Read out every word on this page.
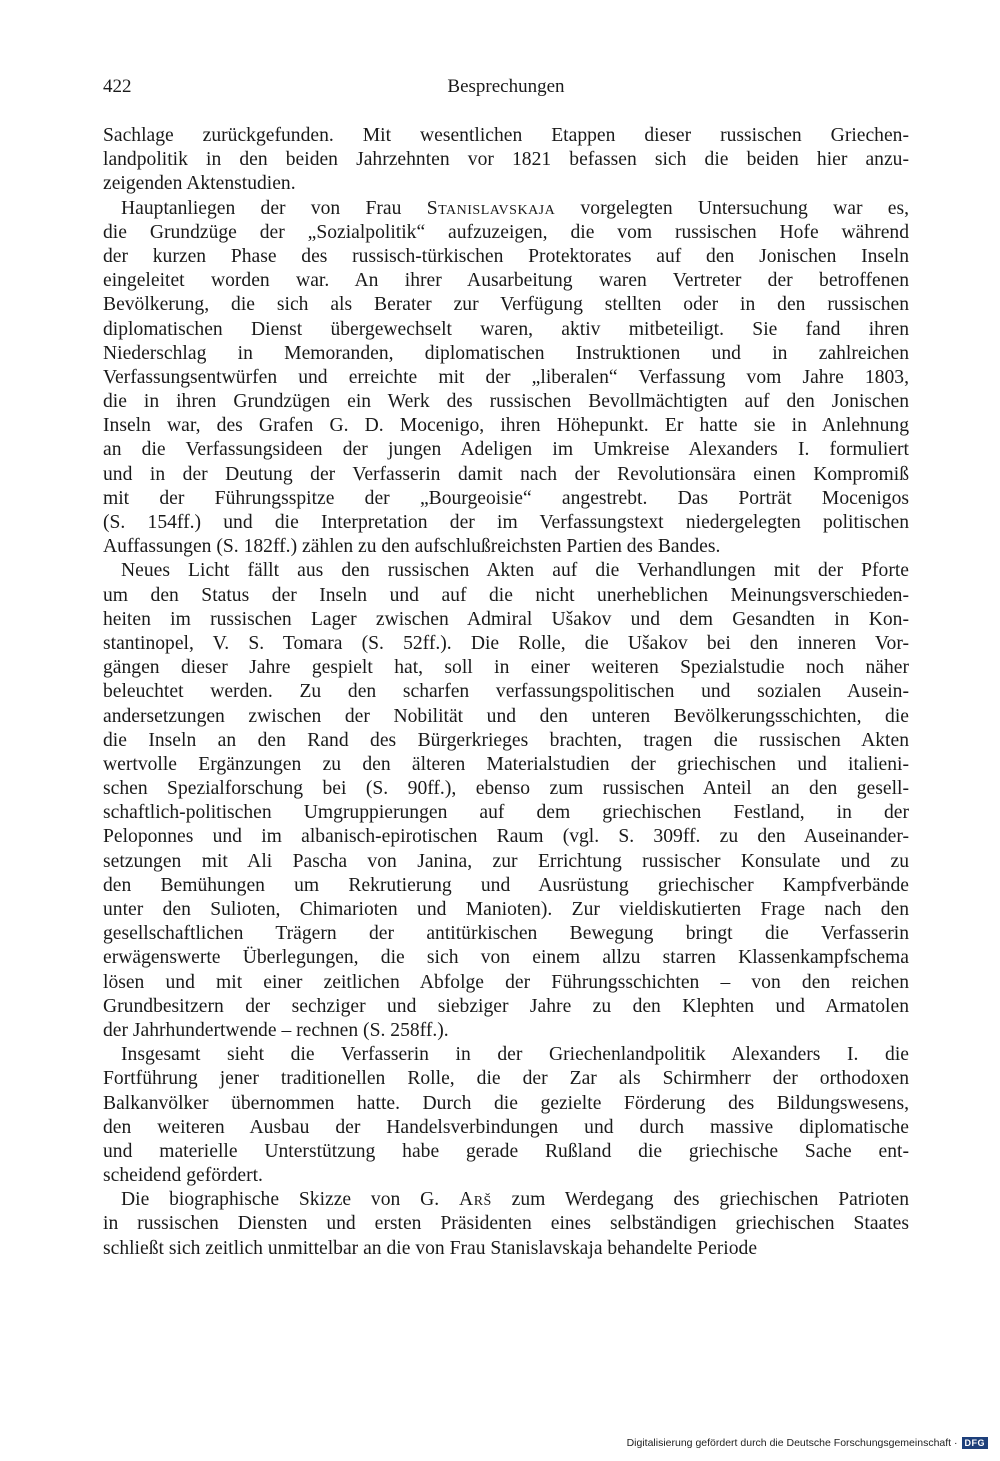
422	Besprechungen
Sachlage zurückgefunden. Mit wesentlichen Etappen dieser russischen Griechen-
landpolitik in den beiden Jahrzehnten vor 1821 befassen sich die beiden hier anzu-
zeigenden Aktenstudien.
Hauptanliegen der von Frau Stanislavskaja vorgelegten Untersuchung war es,
die Grundzüge der „Sozialpolitik“ aufzuzeigen, die vom russischen Hofe während
der kurzen Phase des russisch-türkischen Protektorates auf den Jonischen Inseln
eingeleitet worden war. An ihrer Ausarbeitung waren Vertreter der betroffenen
Bevölkerung, die sich als Berater zur Verfügung stellten oder in den russischen
diplomatischen Dienst übergewechselt waren, aktiv mitbeteiligt. Sie fand ihren
Niederschlag in Memoranden, diplomatischen Instruktionen und in zahlreichen
Verfassungsentwürfen und erreichte mit der „liberalen“ Verfassung vom Jahre 1803,
die in ihren Grundzügen ein Werk des russischen Bevollmächtigten auf den Jonischen
Inseln war, des Grafen G. D. Mocenigo, ihren Höhepunkt. Er hatte sie in Anlehnung
an die Verfassungsideen der jungen Adeligen im Umkreise Alexanders I. formuliert
und in der Deutung der Verfasserin damit nach der Revolutionsära einen Kompromiß
mit der Führungsspitze der „Bourgeoisie“ angestrebt. Das Porträt Mocenigos
(S. 154ff.) und die Interpretation der im Verfassungstext niedergelegten politischen
Auffassungen (S. 182ff.) zählen zu den aufschlußreichsten Partien des Bandes.
Neues Licht fällt aus den russischen Akten auf die Verhandlungen mit der Pforte
um den Status der Inseln und auf die nicht unerheblichen Meinungsverschieden-
heiten im russischen Lager zwischen Admiral Ušakov und dem Gesandten in Kon-
stantinopel, V. S. Tomara (S. 52ff.). Die Rolle, die Ušakov bei den inneren Vor-
gängen dieser Jahre gespielt hat, soll in einer weiteren Spezialstudie noch näher
beleuchtet werden. Zu den scharfen verfassungspolitischen und sozialen Ausein-
andersetzungen zwischen der Nobilität und den unteren Bevölkerungsschichten, die
die Inseln an den Rand des Bürgerkrieges brachten, tragen die russischen Akten
wertvolle Ergänzungen zu den älteren Materialstudien der griechischen und italieni-
schen Spezialforschung bei (S. 90ff.), ebenso zum russischen Anteil an den gesell-
schaftlich-politischen Umgruppierungen auf dem griechischen Festland, in der
Peloponnes und im albanisch-epirotischen Raum (vgl. S. 309ff. zu den Auseinander-
setzungen mit Ali Pascha von Janina, zur Errichtung russischer Konsulate und zu
den Bemühungen um Rekrutierung und Ausrüstung griechischer Kampfverbände
unter den Sulioten, Chimarioten und Manioten). Zur vieldiskutierten Frage nach den
gesellschaftlichen Trägern der antitürkischen Bewegung bringt die Verfasserin
erwägenswerte Überlegungen, die sich von einem allzu starren Klassenkampfschema
lösen und mit einer zeitlichen Abfolge der Führungsschichten – von den reichen
Grundbesitzern der sechziger und siebziger Jahre zu den Klephten und Armatolen
der Jahrhundertwende – rechnen (S. 258ff.).
Insgesamt sieht die Verfasserin in der Griechenlandpolitik Alexanders I. die
Fortführung jener traditionellen Rolle, die der Zar als Schirmherr der orthodoxen
Balkanvölker übernommen hatte. Durch die gezielte Förderung des Bildungswesens,
den weiteren Ausbau der Handelsverbindungen und durch massive diplomatische
und materielle Unterstützung habe gerade Rußland die griechische Sache ent-
scheidend gefördert.
Die biographische Skizze von G. Arš zum Werdegang des griechischen Patrioten
in russischen Diensten und ersten Präsidenten eines selbständigen griechischen Staates
schließt sich zeitlich unmittelbar an die von Frau Stanislavskaja behandelte Periode
Digitalisierung gefördert durch die Deutsche Forschungsgemeinschaft · DFG
